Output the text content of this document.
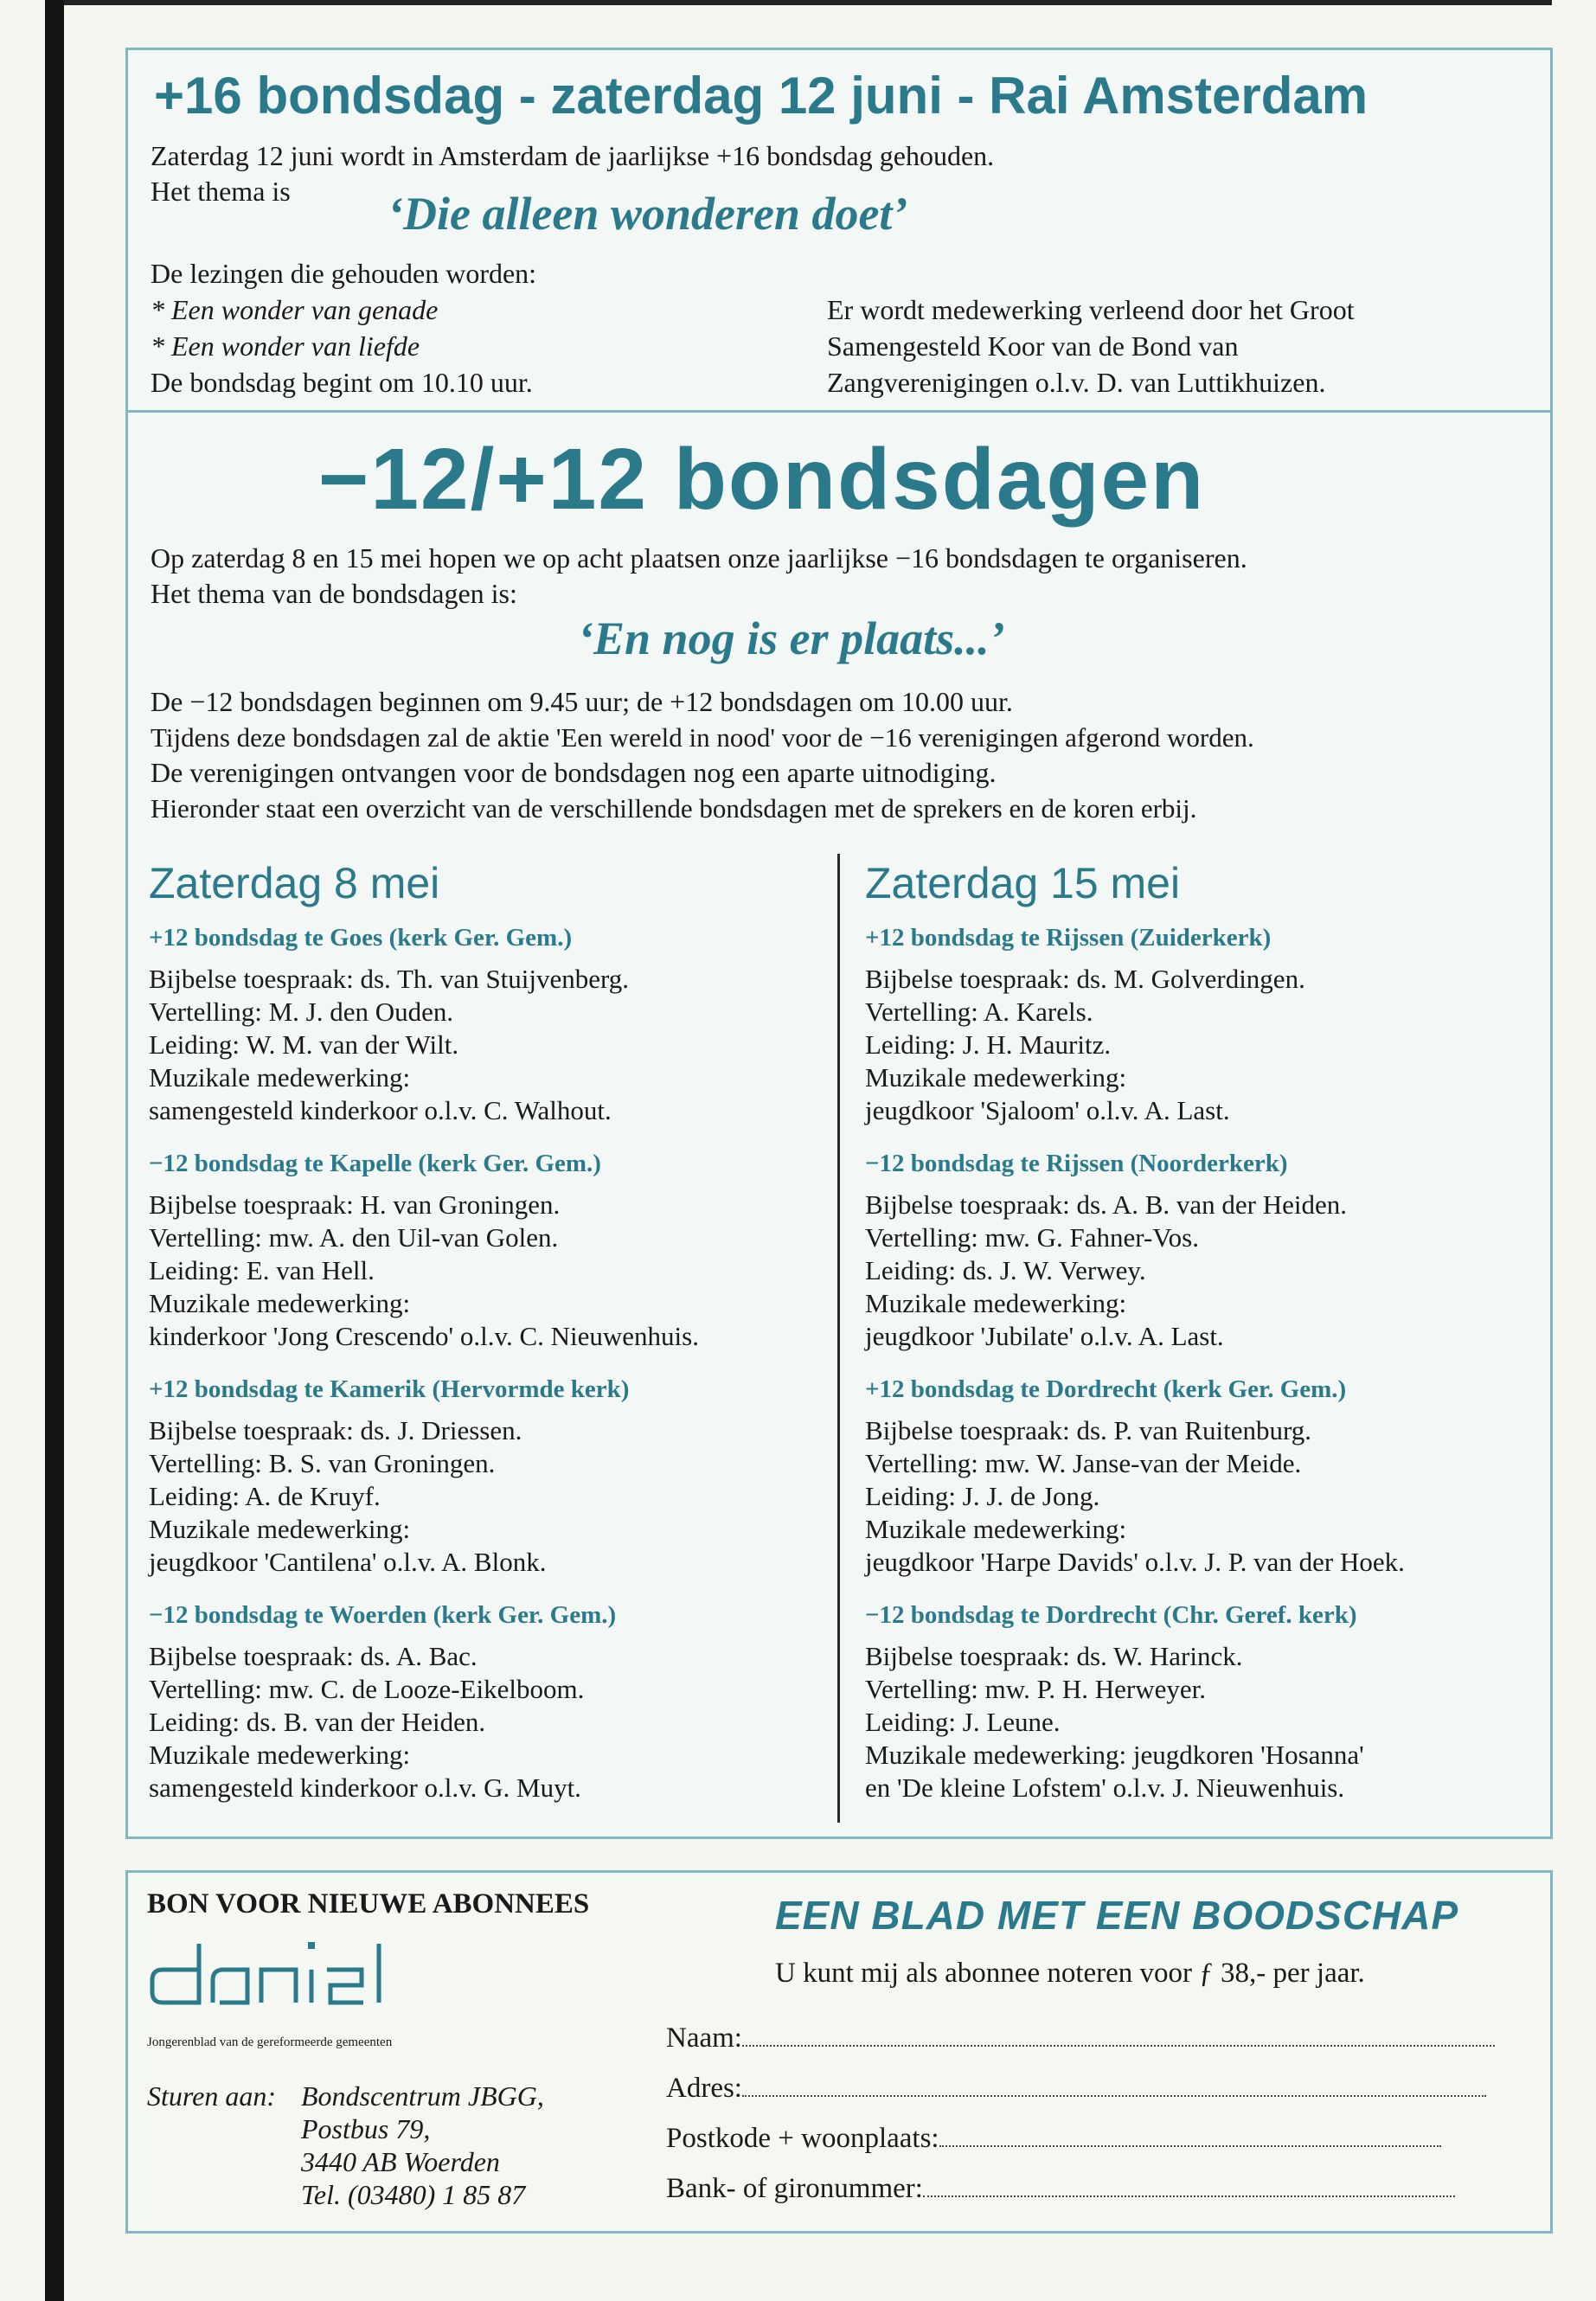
+16 bondsdag - zaterdag 12 juni - Rai Amsterdam

Zaterdag 12 juni wordt in Amsterdam de jaarlijkse +16 bondsdag gehouden.

Het thema is ‘Die alleen wonderen doet’

De lezingen die gehouden worden:

* Een wonder van genade

* Een wonder van liefde

De bondsdag begint om 10.10 uur.

Er wordt medewerking verleend door het Groot

Samengesteld Koor van de Bond van

Zangverenigingen o.l.v. D. van Luttikhuizen.

−12/+12 bondsdagen

Op zaterdag 8 en 15 mei hopen we op acht plaatsen onze jaarlijkse −16 bondsdagen te organiseren.

Het thema van de bondsdagen is:

‘En nog is er plaats...’

De −12 bondsdagen beginnen om 9.45 uur; de +12 bondsdagen om 10.00 uur.

Tijdens deze bondsdagen zal de aktie 'Een wereld in nood' voor de −16 verenigingen afgerond worden.

De verenigingen ontvangen voor de bondsdagen nog een aparte uitnodiging.

Hieronder staat een overzicht van de verschillende bondsdagen met de sprekers en de koren erbij.

Zaterdag 8 mei
+12 bondsdag te Goes (kerk Ger. Gem.)

Bijbelse toespraak: ds. Th. van Stuijvenberg.

Vertelling: M. J. den Ouden.

Leiding: W. M. van der Wilt.

Muzikale medewerking:

samengesteld kinderkoor o.l.v. C. Walhout.

−12 bondsdag te Kapelle (kerk Ger. Gem.)

Bijbelse toespraak: H. van Groningen.

Vertelling: mw. A. den Uil-van Golen.

Leiding: E. van Hell.

Muzikale medewerking:

kinderkoor 'Jong Crescendo' o.l.v. C. Nieuwenhuis.

+12 bondsdag te Kamerik (Hervormde kerk)

Bijbelse toespraak: ds. J. Driessen.

Vertelling: B. S. van Groningen.

Leiding: A. de Kruyf.

Muzikale medewerking:

jeugdkoor 'Cantilena' o.l.v. A. Blonk.

−12 bondsdag te Woerden (kerk Ger. Gem.)

Bijbelse toespraak: ds. A. Bac.

Vertelling: mw. C. de Looze-Eikelboom.

Leiding: ds. B. van der Heiden.

Muzikale medewerking:

samengesteld kinderkoor o.l.v. G. Muyt.

Zaterdag 15 mei
+12 bondsdag te Rijssen (Zuiderkerk)

Bijbelse toespraak: ds. M. Golverdingen.

Vertelling: A. Karels.

Leiding: J. H. Mauritz.

Muzikale medewerking:

jeugdkoor 'Sjaloom' o.l.v. A. Last.

−12 bondsdag te Rijssen (Noorderkerk)

Bijbelse toespraak: ds. A. B. van der Heiden.

Vertelling: mw. G. Fahner-Vos.

Leiding: ds. J. W. Verwey.

Muzikale medewerking:

jeugdkoor 'Jubilate' o.l.v. A. Last.

+12 bondsdag te Dordrecht (kerk Ger. Gem.)

Bijbelse toespraak: ds. P. van Ruitenburg.

Vertelling: mw. W. Janse-van der Meide.

Leiding: J. J. de Jong.

Muzikale medewerking:

jeugdkoor 'Harpe Davids' o.l.v. J. P. van der Hoek.

−12 bondsdag te Dordrecht (Chr. Geref. kerk)

Bijbelse toespraak: ds. W. Harinck.

Vertelling: mw. P. H. Herweyer.

Leiding: J. Leune.

Muzikale medewerking: jeugdkoren 'Hosanna'

en 'De kleine Lofstem' o.l.v. J. Nieuwenhuis.

BON VOOR NIEUWE ABONNEES
Jongerenblad van de gereformeerde gemeenten
Sturen aan: Bondscentrum JBGG,
Postbus 79,
3440 AB Woerden
Tel. (03480) 1 85 87
EEN BLAD MET EEN BOODSCHAP
U kunt mij als abonnee noteren voor ƒ 38,- per jaar.
Naam:
Adres:
Postkode + woonplaats:
Bank- of gironummer:
